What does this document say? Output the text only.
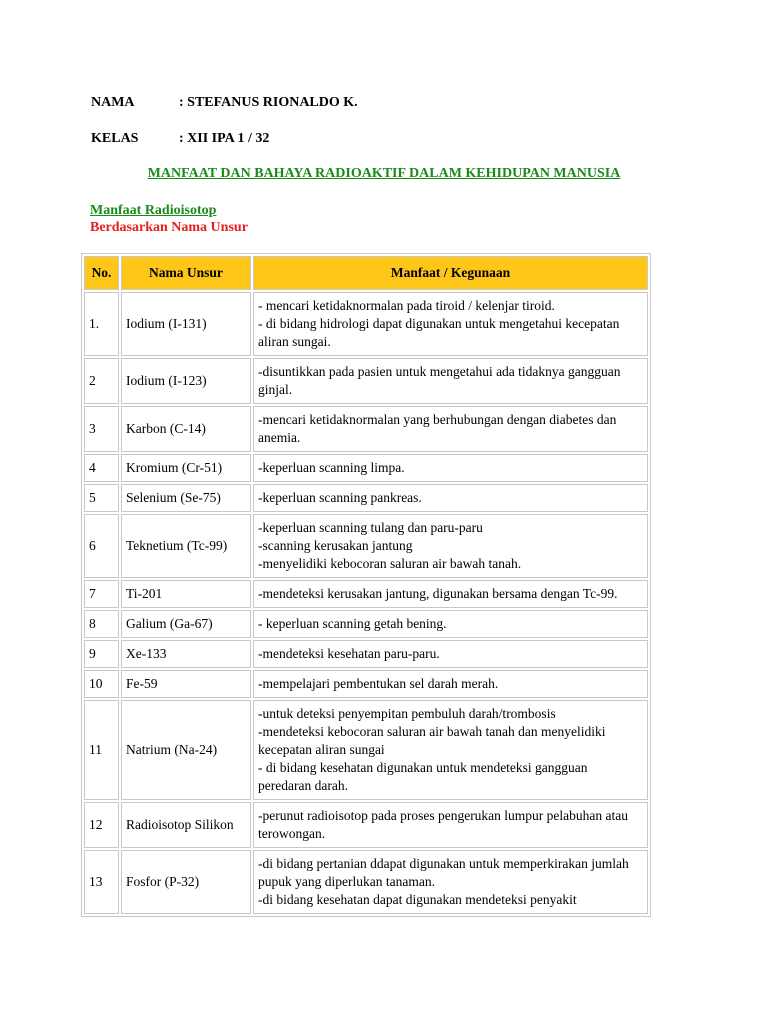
NAMA	: STEFANUS RIONALDO K.
KELAS	: XII IPA 1 / 32
MANFAAT DAN BAHAYA RADIOAKTIF DALAM KEHIDUPAN MANUSIA
Manfaat Radioisotop
Berdasarkan Nama Unsur
No.	Nama Unsur	Manfaat / Kegunaan
1.	Iodium (I-131)	- mencari ketidaknormalan pada tiroid / kelenjar tiroid.
- di bidang hidrologi dapat digunakan untuk mengetahui kecepatan aliran sungai.
2	Iodium (I-123)	-disuntikkan pada pasien untuk mengetahui ada tidaknya gangguan ginjal.
3	Karbon (C-14)	-mencari ketidaknormalan yang berhubungan dengan diabetes dan anemia.
4	Kromium (Cr-51)	-keperluan scanning limpa.
5	Selenium (Se-75)	-keperluan scanning pankreas.
6	Teknetium (Tc-99)	-keperluan scanning tulang dan paru-paru
-scanning kerusakan jantung
-menyelidiki kebocoran saluran air bawah tanah.
7	Ti-201	-mendeteksi kerusakan jantung, digunakan bersama dengan Tc-99.
8	Galium (Ga-67)	- keperluan scanning getah bening.
9	Xe-133	-mendeteksi kesehatan paru-paru.
10	Fe-59	-mempelajari pembentukan sel darah merah.
11	Natrium (Na-24)	-untuk deteksi penyempitan pembuluh darah/trombosis
-mendeteksi kebocoran saluran air bawah tanah dan menyelidiki kecepatan aliran sungai
- di bidang kesehatan digunakan untuk mendeteksi gangguan peredaran darah.
12	Radioisotop Silikon	-perunut radioisotop pada proses pengerukan lumpur pelabuhan atau terowongan.
13	Fosfor (P-32)	-di bidang pertanian ddapat digunakan untuk memperkirakan jumlah pupuk yang diperlukan tanaman.
-di bidang kesehatan dapat digunakan mendeteksi penyakit
